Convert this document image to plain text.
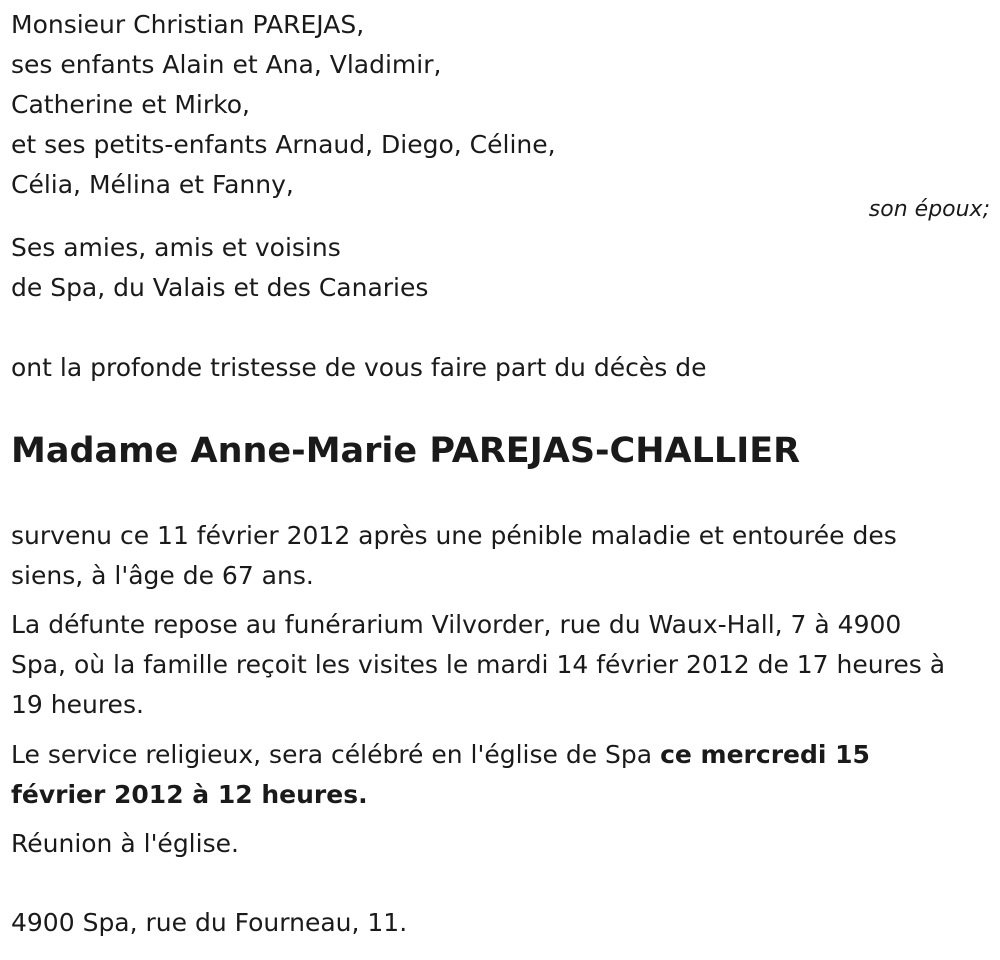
Monsieur Christian PAREJAS,
ses enfants Alain et Ana, Vladimir,
Catherine et Mirko,
et ses petits-enfants Arnaud, Diego, Céline,
Célia, Mélina et Fanny,
son époux;
Ses amies, amis et voisins
de Spa, du Valais et des Canaries
ont la profonde tristesse de vous faire part du décès de
Madame Anne-Marie PAREJAS-CHALLIER
survenu ce 11 février 2012 après une pénible maladie et entourée des
siens, à l'âge de 67 ans.
La défunte repose au funérarium Vilvorder, rue du Waux-Hall, 7 à 4900
Spa, où la famille reçoit les visites le mardi 14 février 2012 de 17 heures à
19 heures.
Le service religieux, sera célébré en l'église de Spa ce mercredi 15
février 2012 à 12 heures.
Réunion à l'église.
4900 Spa, rue du Fourneau, 11.
